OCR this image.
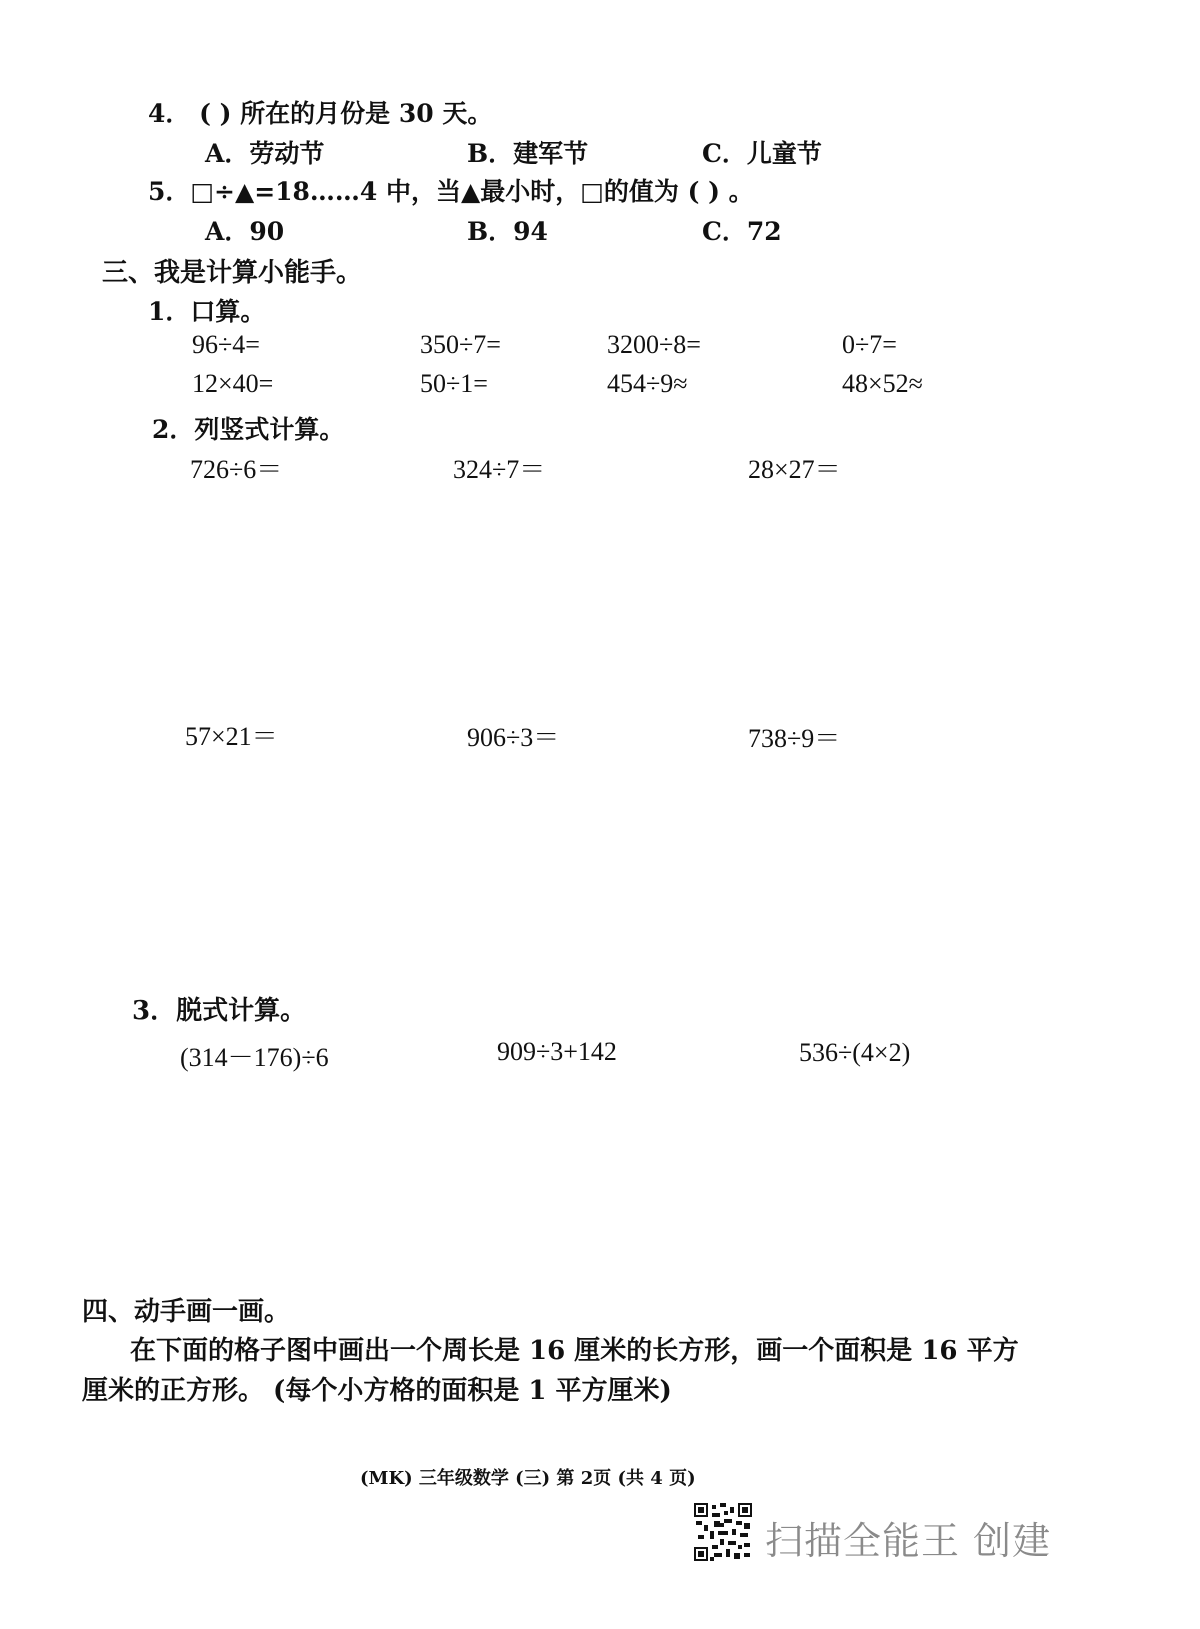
4． ( ) 所在的月份是 30 天。
A．劳动节	B．建军节	C．儿童节
5．□÷▲=18……4 中，当▲最小时，□的值为 ( ) 。
A．90	B．94	C．72
三、我是计算小能手。
1．口算。
96÷4=	350÷7=	3200÷8=	0÷7=
12×40=	50÷1=	454÷9≈	48×52≈
2．列竖式计算。
726÷6＝	324÷7＝	28×27＝
57×21＝	906÷3＝	738÷9＝
3．脱式计算。
(314－176)÷6	909÷3+142	536÷(4×2)
四、动手画一画。
在下面的格子图中画出一个周长是 16 厘米的长方形，画一个面积是 16 平方
厘米的正方形。 (每个小方格的面积是 1 平方厘米)
(MK) 三年级数学 (三) 第 2页 (共 4 页)
扫描全能王 创建
